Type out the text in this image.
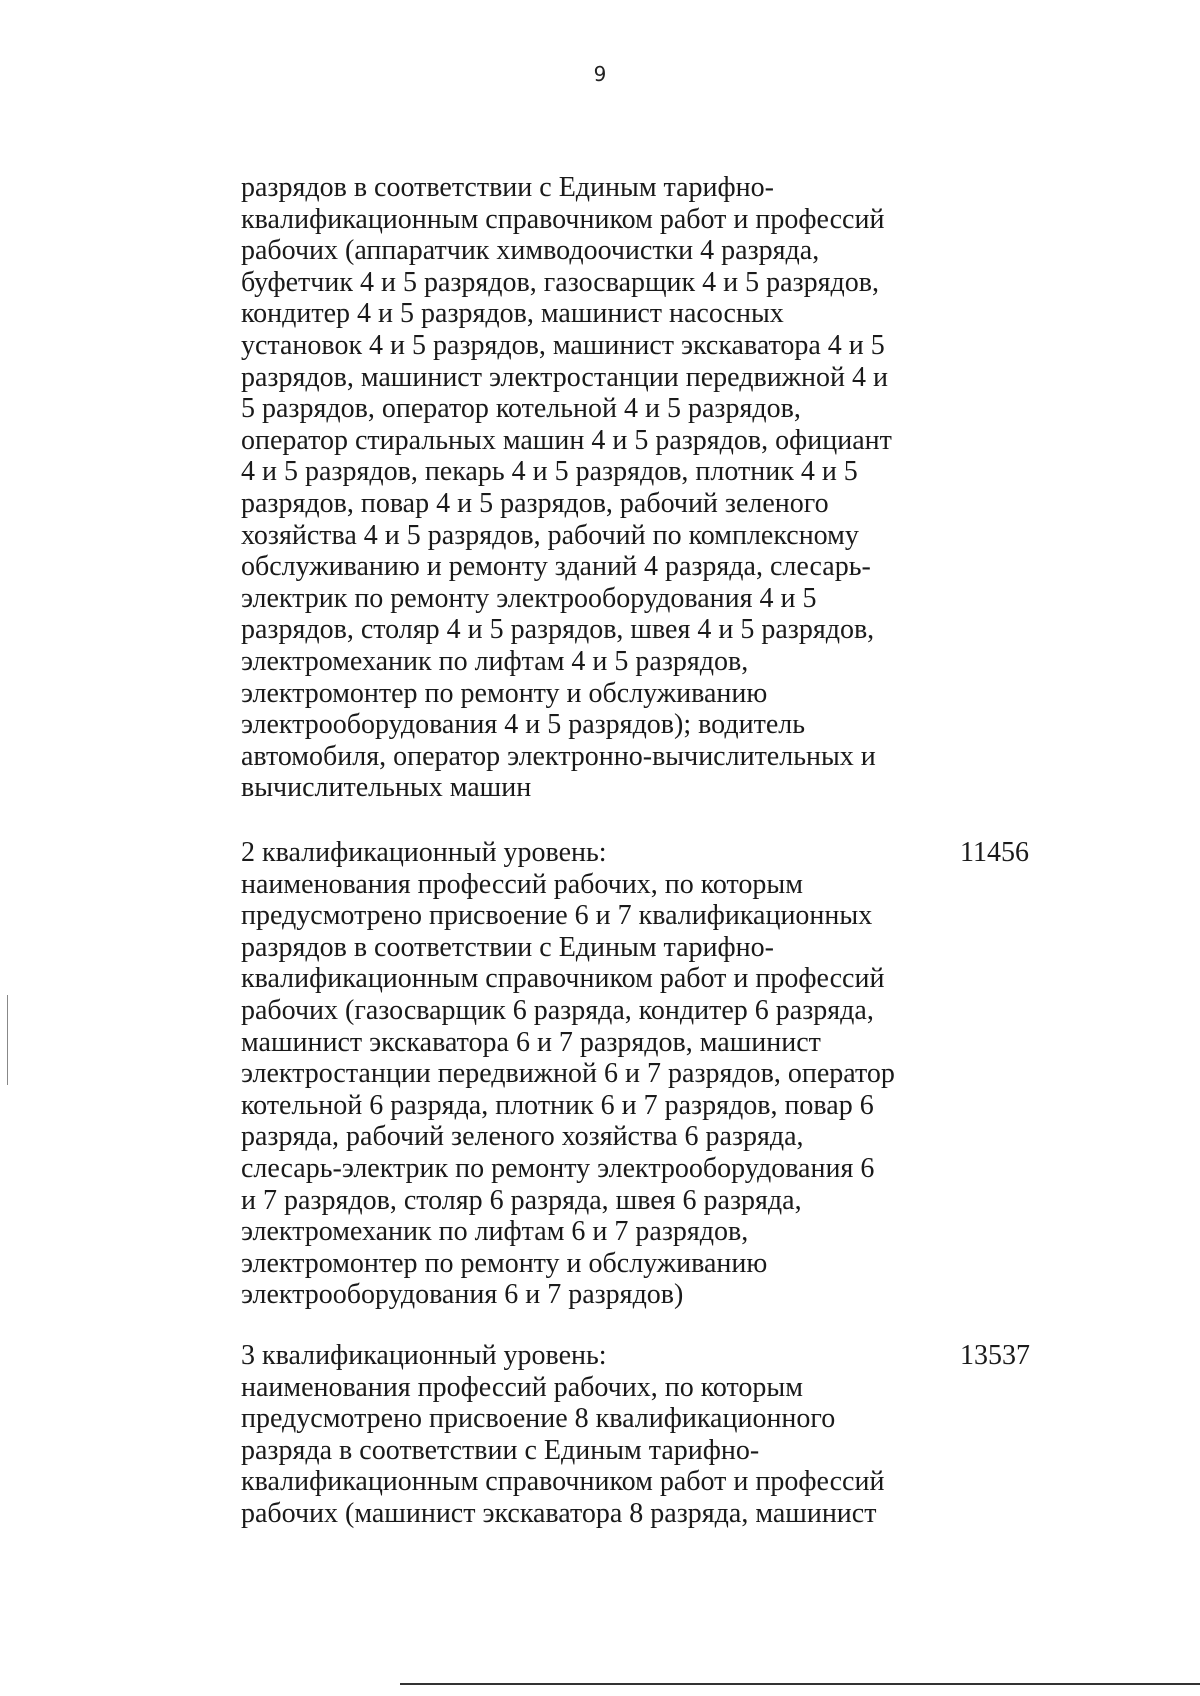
9
разрядов в соответствии с Единым тарифно-
квалификационным справочником работ и профессий
рабочих (аппаратчик химводоочистки 4 разряда,
буфетчик 4 и 5 разрядов, газосварщик 4 и 5 разрядов,
кондитер 4 и 5 разрядов, машинист насосных
установок 4 и 5 разрядов, машинист экскаватора 4 и 5
разрядов, машинист электростанции передвижной 4 и
5 разрядов, оператор котельной 4 и 5 разрядов,
оператор стиральных машин 4 и 5 разрядов, официант
4 и 5 разрядов, пекарь 4 и 5 разрядов, плотник 4 и 5
разрядов, повар 4 и 5 разрядов, рабочий зеленого
хозяйства 4 и 5 разрядов, рабочий по комплексному
обслуживанию и ремонту зданий 4 разряда, слесарь-
электрик по ремонту электрооборудования 4 и 5
разрядов, столяр 4 и 5 разрядов, швея 4 и 5 разрядов,
электромеханик по лифтам 4 и 5 разрядов,
электромонтер по ремонту и обслуживанию
электрооборудования 4 и 5 разрядов); водитель
автомобиля, оператор электронно-вычислительных и
вычислительных машин
11456
2 квалификационный уровень:
наименования профессий рабочих, по которым
предусмотрено присвоение 6 и 7 квалификационных
разрядов в соответствии с Единым тарифно-
квалификационным справочником работ и профессий
рабочих (газосварщик 6 разряда, кондитер 6 разряда,
машинист экскаватора 6 и 7 разрядов, машинист
электростанции передвижной 6 и 7 разрядов, оператор
котельной 6 разряда, плотник 6 и 7 разрядов, повар 6
разряда, рабочий зеленого хозяйства 6 разряда,
слесарь-электрик по ремонту электрооборудования 6
и 7 разрядов, столяр 6 разряда, швея 6 разряда,
электромеханик по лифтам 6 и 7 разрядов,
электромонтер по ремонту и обслуживанию
электрооборудования 6 и 7 разрядов)
13537
3 квалификационный уровень:
наименования профессий рабочих, по которым
предусмотрено присвоение 8 квалификационного
разряда в соответствии с Единым тарифно-
квалификационным справочником работ и профессий
рабочих (машинист экскаватора 8 разряда, машинист
